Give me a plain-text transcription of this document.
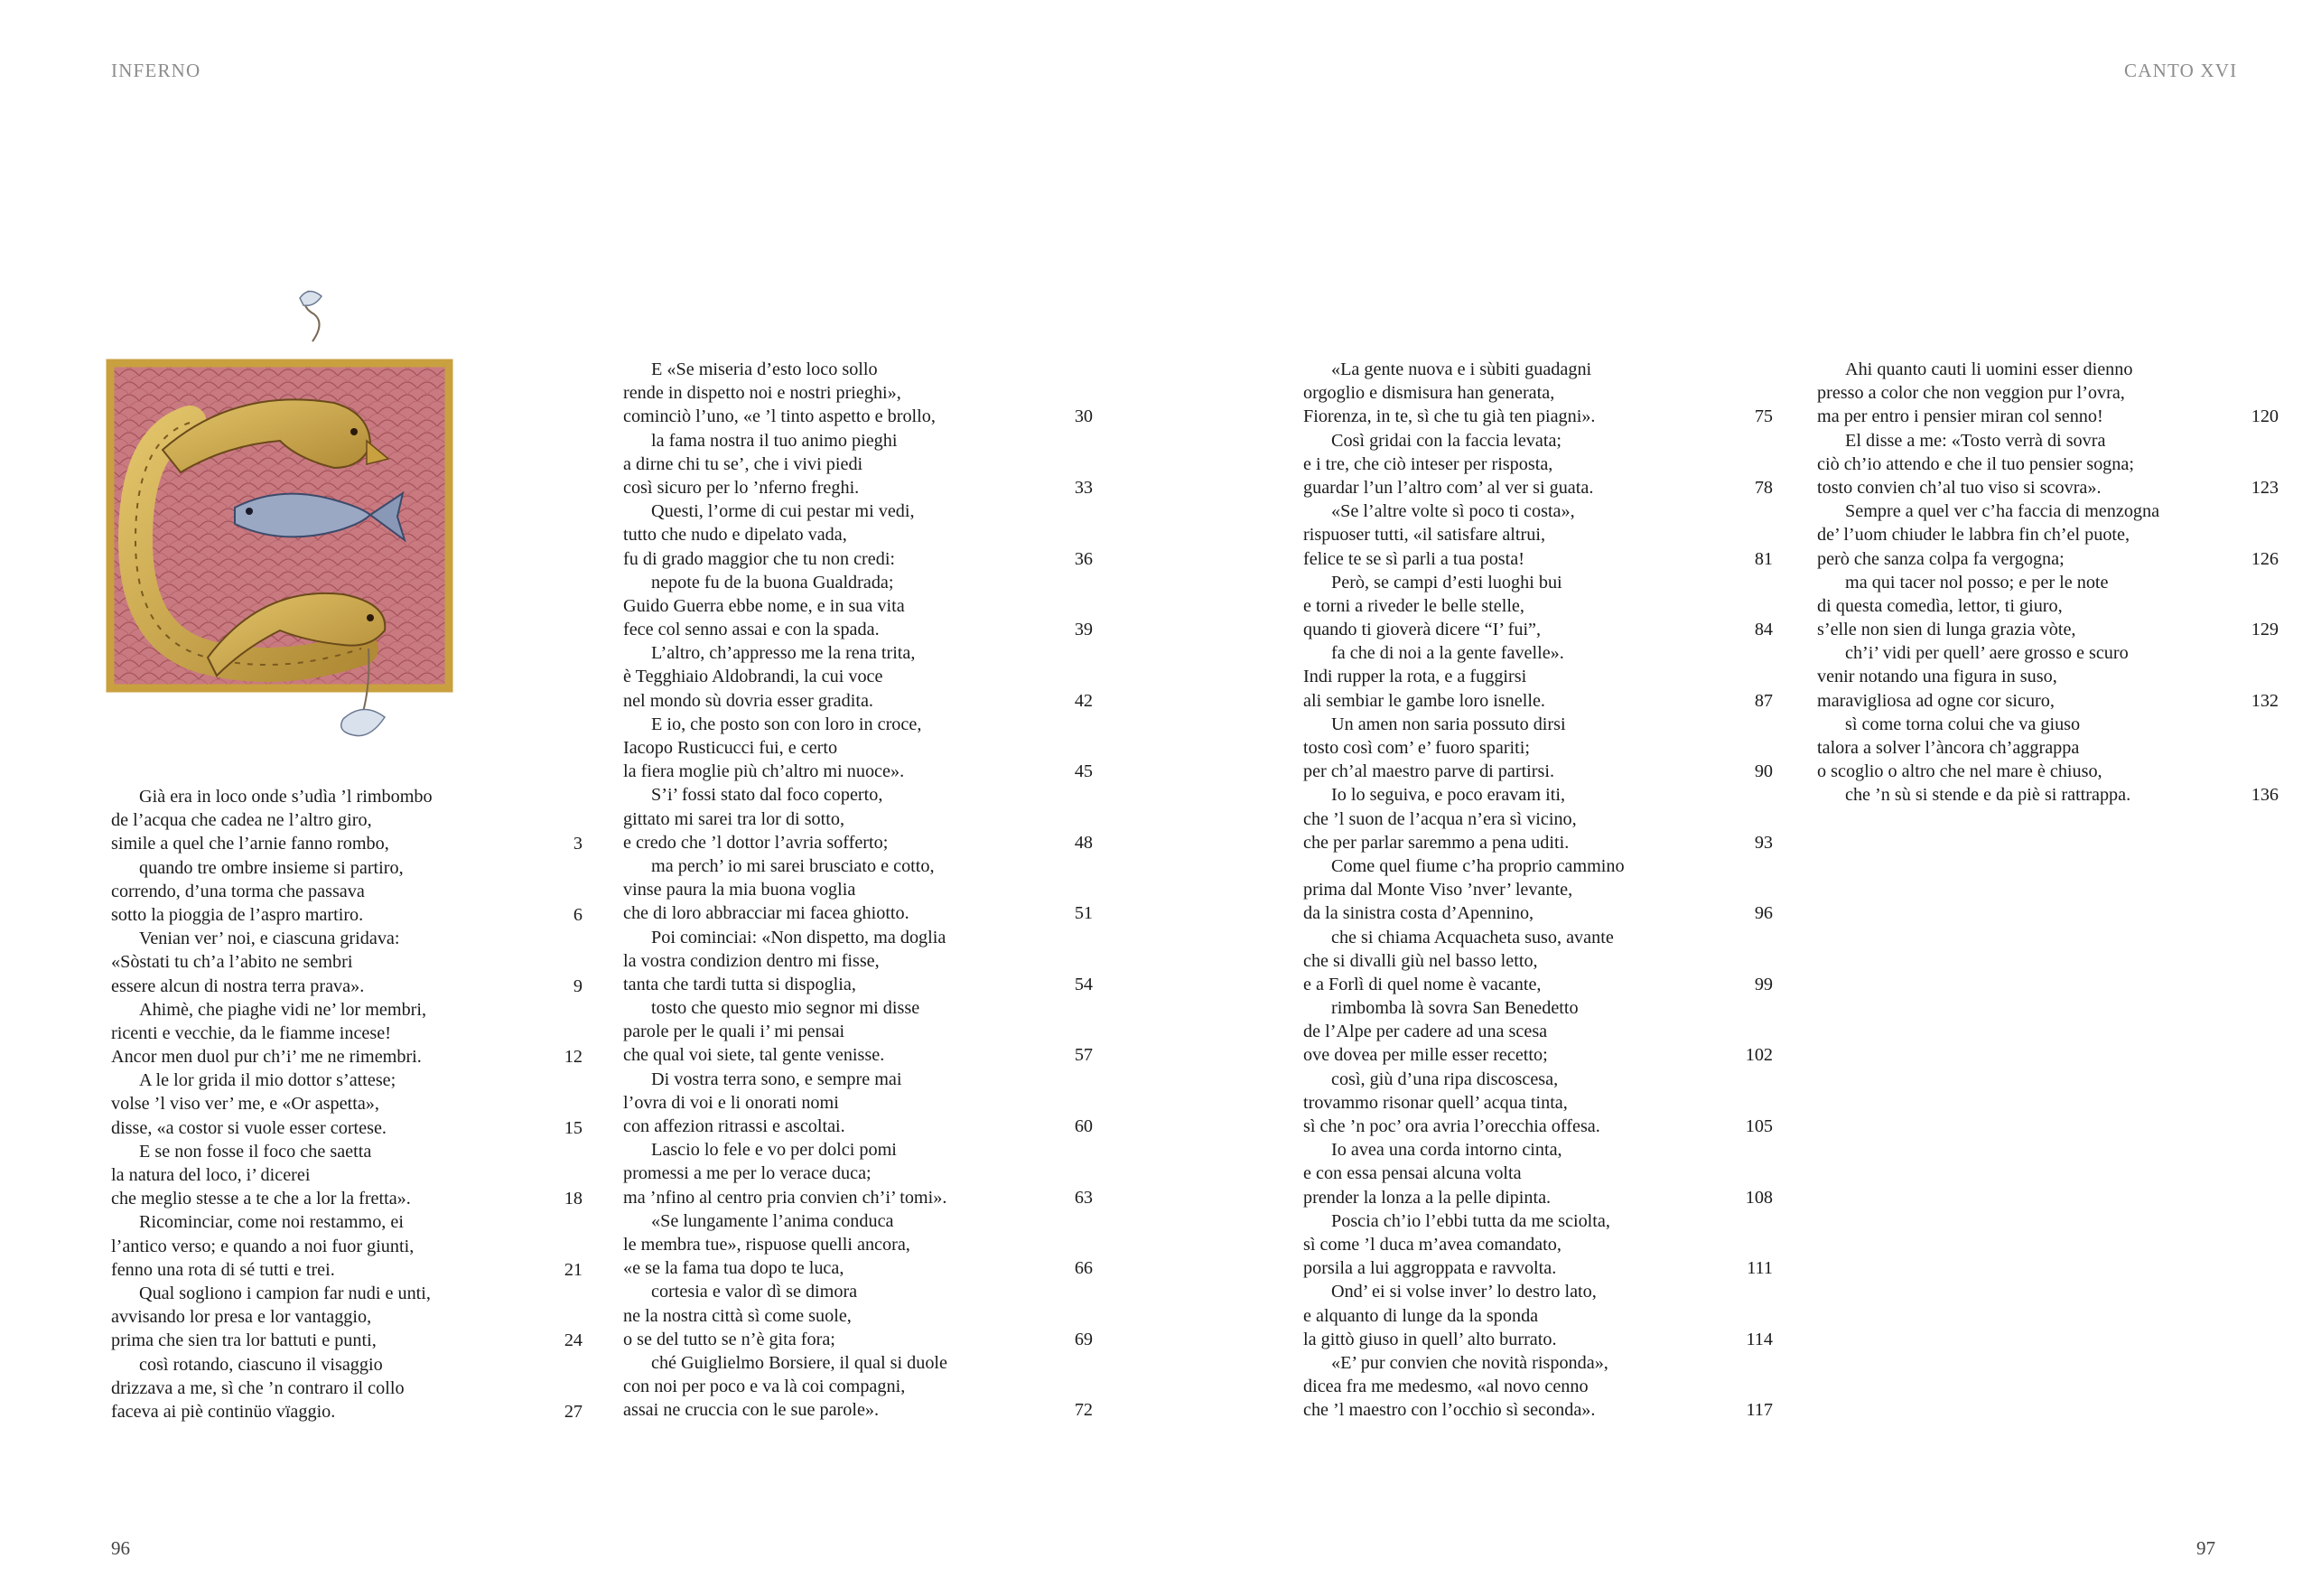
INFERNO	CANTO XVI
Già era in loco onde s’udìa ’l rimbombo
de l’acqua che cadea ne l’altro giro,
simile a quel che l’arnie fanno rombo,	3
quando tre ombre insieme si partiro,
correndo, d’una torma che passava
sotto la pioggia de l’aspro martiro.	6
Venian ver’ noi, e ciascuna gridava:
«Sòstati tu ch’a l’abito ne sembri
essere alcun di nostra terra prava».	9
Ahimè, che piaghe vidi ne’ lor membri,
ricenti e vecchie, da le fiamme incese!
Ancor men duol pur ch’i’ me ne rimembri.	12
A le lor grida il mio dottor s’attese;
volse ’l viso ver’ me, e «Or aspetta»,
disse, «a costor si vuole esser cortese.	15
E se non fosse il foco che saetta
la natura del loco, i’ dicerei
che meglio stesse a te che a lor la fretta».	18
Ricominciar, come noi restammo, ei
l’antico verso; e quando a noi fuor giunti,
fenno una rota di sé tutti e trei.	21
Qual sogliono i campion far nudi e unti,
avvisando lor presa e lor vantaggio,
prima che sien tra lor battuti e punti,	24
così rotando, ciascuno il visaggio
drizzava a me, sì che ’n contraro il collo
faceva ai piè continüo vïaggio.	27
E «Se miseria d’esto loco sollo
rende in dispetto noi e nostri prieghi»,
cominciò l’uno, «e ’l tinto aspetto e brollo,	30
la fama nostra il tuo animo pieghi
a dirne chi tu se’, che i vivi piedi
così sicuro per lo ’nferno freghi.	33
Questi, l’orme di cui pestar mi vedi,
tutto che nudo e dipelato vada,
fu di grado maggior che tu non credi:	36
nepote fu de la buona Gualdrada;
Guido Guerra ebbe nome, e in sua vita
fece col senno assai e con la spada.	39
L’altro, ch’appresso me la rena trita,
è Tegghiaio Aldobrandi, la cui voce
nel mondo sù dovria esser gradita.	42
E io, che posto son con loro in croce,
Iacopo Rusticucci fui, e certo
la fiera moglie più ch’altro mi nuoce».	45
S’i’ fossi stato dal foco coperto,
gittato mi sarei tra lor di sotto,
e credo che ’l dottor l’avria sofferto;	48
ma perch’ io mi sarei brusciato e cotto,
vinse paura la mia buona voglia
che di loro abbracciar mi facea ghiotto.	51
Poi cominciai: «Non dispetto, ma doglia
la vostra condizion dentro mi fisse,
tanta che tardi tutta si dispoglia,	54
tosto che questo mio segnor mi disse
parole per le quali i’ mi pensai
che qual voi siete, tal gente venisse.	57
Di vostra terra sono, e sempre mai
l’ovra di voi e li onorati nomi
con affezion ritrassi e ascoltai.	60
Lascio lo fele e vo per dolci pomi
promessi a me per lo verace duca;
ma ’nfino al centro pria convien ch’i’ tomi».	63
«Se lungamente l’anima conduca
le membra tue», rispuose quelli ancora,
«e se la fama tua dopo te luca,	66
cortesia e valor dì se dimora
ne la nostra città sì come suole,
o se del tutto se n’è gita fora;	69
ché Guiglielmo Borsiere, il qual si duole
con noi per poco e va là coi compagni,
assai ne cruccia con le sue parole».	72
«La gente nuova e i sùbiti guadagni
orgoglio e dismisura han generata,
Fiorenza, in te, sì che tu già ten piagni».	75
Così gridai con la faccia levata;
e i tre, che ciò inteser per risposta,
guardar l’un l’altro com’ al ver si guata.	78
«Se l’altre volte sì poco ti costa»,
rispuoser tutti, «il satisfare altrui,
felice te se sì parli a tua posta!	81
Però, se campi d’esti luoghi bui
e torni a riveder le belle stelle,
quando ti gioverà dicere “I’ fui”,	84
fa che di noi a la gente favelle».
Indi rupper la rota, e a fuggirsi
ali sembiar le gambe loro isnelle.	87
Un amen non saria possuto dirsi
tosto così com’ e’ fuoro spariti;
per ch’al maestro parve di partirsi.	90
Io lo seguiva, e poco eravam iti,
che ’l suon de l’acqua n’era sì vicino,
che per parlar saremmo a pena uditi.	93
Come quel fiume c’ha proprio cammino
prima dal Monte Viso ’nver’ levante,
da la sinistra costa d’Apennino,	96
che si chiama Acquacheta suso, avante
che si divalli giù nel basso letto,
e a Forlì di quel nome è vacante,	99
rimbomba là sovra San Benedetto
de l’Alpe per cadere ad una scesa
ove dovea per mille esser recetto;	102
così, giù d’una ripa discoscesa,
trovammo risonar quell’ acqua tinta,
sì che ’n poc’ ora avria l’orecchia offesa.	105
Io avea una corda intorno cinta,
e con essa pensai alcuna volta
prender la lonza a la pelle dipinta.	108
Poscia ch’io l’ebbi tutta da me sciolta,
sì come ’l duca m’avea comandato,
porsila a lui aggroppata e ravvolta.	111
Ond’ ei si volse inver’ lo destro lato,
e alquanto di lunge da la sponda
la gittò giuso in quell’ alto burrato.	114
«E’ pur convien che novità risponda»,
dicea fra me medesmo, «al novo cenno
che ’l maestro con l’occhio sì seconda».	117
Ahi quanto cauti li uomini esser dienno
presso a color che non veggion pur l’ovra,
ma per entro i pensier miran col senno!	120
El disse a me: «Tosto verrà di sovra
ciò ch’io attendo e che il tuo pensier sogna;
tosto convien ch’al tuo viso si scovra».	123
Sempre a quel ver c’ha faccia di menzogna
de’ l’uom chiuder le labbra fin ch’el puote,
però che sanza colpa fa vergogna;	126
ma qui tacer nol posso; e per le note
di questa comedìa, lettor, ti giuro,
s’elle non sien di lunga grazia vòte,	129
ch’i’ vidi per quell’ aere grosso e scuro
venir notando una figura in suso,
maravigliosa ad ogne cor sicuro,	132
sì come torna colui che va giuso
talora a solver l’àncora ch’aggrappa
o scoglio o altro che nel mare è chiuso,
che ’n sù si stende e da piè si rattrappa.	136
96	97
